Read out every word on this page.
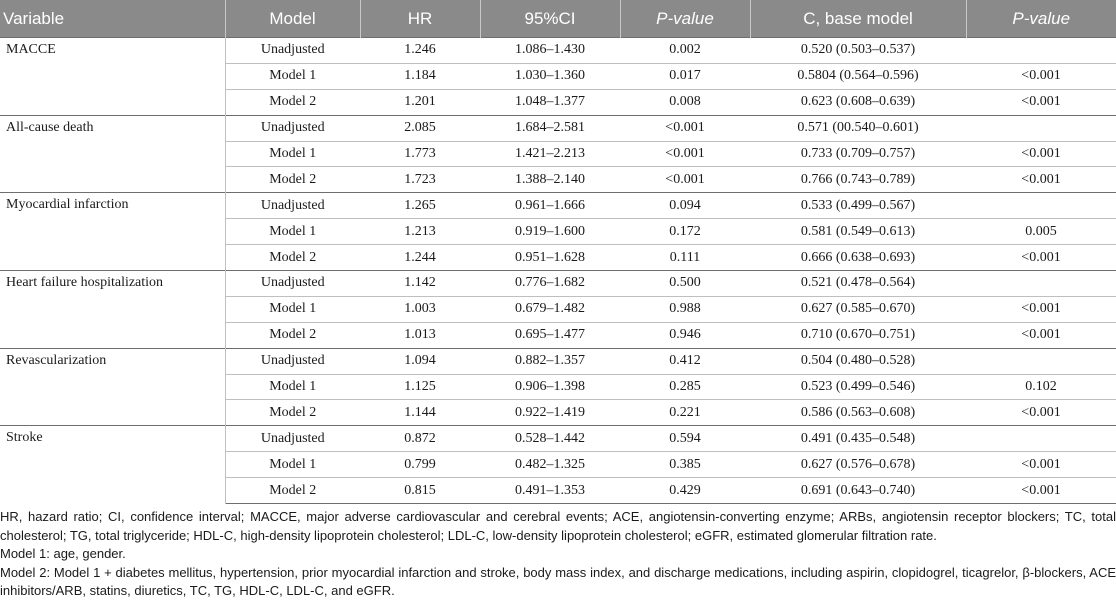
Variable	Model	HR	95%CI	P-value	C, base model	P-value
MACCE	Unadjusted	1.246	1.086–1.430	0.002	0.520 (0.503–0.537)	
	Model 1	1.184	1.030–1.360	0.017	0.5804 (0.564–0.596)	<0.001
	Model 2	1.201	1.048–1.377	0.008	0.623 (0.608–0.639)	<0.001
All-cause death	Unadjusted	2.085	1.684–2.581	<0.001	0.571 (00.540–0.601)	
	Model 1	1.773	1.421–2.213	<0.001	0.733 (0.709–0.757)	<0.001
	Model 2	1.723	1.388–2.140	<0.001	0.766 (0.743–0.789)	<0.001
Myocardial infarction	Unadjusted	1.265	0.961–1.666	0.094	0.533 (0.499–0.567)	
	Model 1	1.213	0.919–1.600	0.172	0.581 (0.549–0.613)	0.005
	Model 2	1.244	0.951–1.628	0.111	0.666 (0.638–0.693)	<0.001
Heart failure hospitalization	Unadjusted	1.142	0.776–1.682	0.500	0.521 (0.478–0.564)	
	Model 1	1.003	0.679–1.482	0.988	0.627 (0.585–0.670)	<0.001
	Model 2	1.013	0.695–1.477	0.946	0.710 (0.670–0.751)	<0.001
Revascularization	Unadjusted	1.094	0.882–1.357	0.412	0.504 (0.480–0.528)	
	Model 1	1.125	0.906–1.398	0.285	0.523 (0.499–0.546)	0.102
	Model 2	1.144	0.922–1.419	0.221	0.586 (0.563–0.608)	<0.001
Stroke	Unadjusted	0.872	0.528–1.442	0.594	0.491 (0.435–0.548)	
	Model 1	0.799	0.482–1.325	0.385	0.627 (0.576–0.678)	<0.001
	Model 2	0.815	0.491–1.353	0.429	0.691 (0.643–0.740)	<0.001

HR, hazard ratio; CI, confidence interval; MACCE, major adverse cardiovascular and cerebral events; ACE, angiotensin-converting enzyme; ARBs, angiotensin receptor blockers; TC, total cholesterol; TG, total triglyceride; HDL-C, high-density lipoprotein cholesterol; LDL-C, low-density lipoprotein cholesterol; eGFR, estimated glomerular filtration rate.

Model 1: age, gender.

Model 2: Model 1 + diabetes mellitus, hypertension, prior myocardial infarction and stroke, body mass index, and discharge medications, including aspirin, clopidogrel, ticagrelor, β-blockers, ACE inhibitors/ARB, statins, diuretics, TC, TG, HDL-C, LDL-C, and eGFR.
